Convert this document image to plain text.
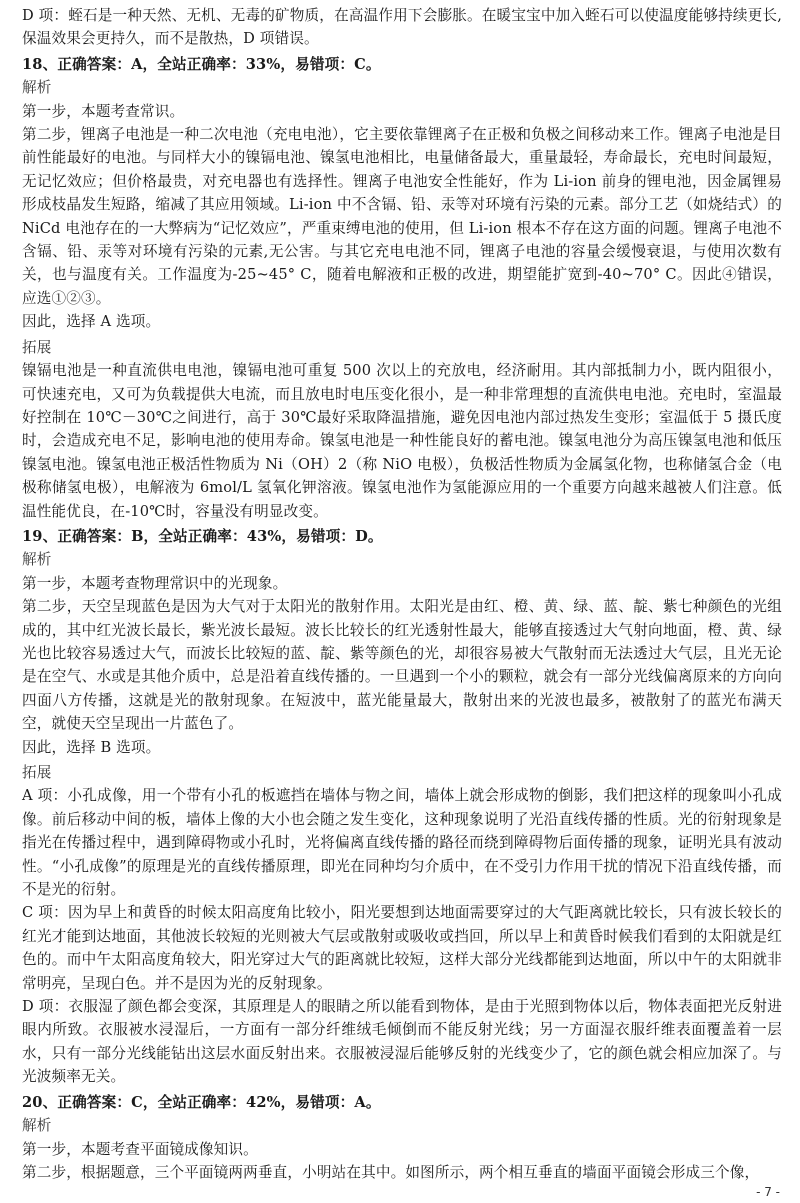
D 项：蛭石是一种天然、无机、无毒的矿物质，在高温作用下会膨胀。在暖宝宝中加入蛭石可以使温度能够持续更长,保温效果会更持久，而不是散热，D 项错误。

18、正确答案：A，全站正确率：33%，易错项：C。

解析

第一步，本题考查常识。

第二步，锂离子电池是一种二次电池（充电电池），它主要依靠锂离子在正极和负极之间移动来工作。锂离子电池是目前性能最好的电池。与同样大小的镍镉电池、镍氢电池相比，电量储备最大，重量最轻，寿命最长，充电时间最短，无记忆效应；但价格最贵，对充电器也有选择性。锂离子电池安全性能好，作为 Li-ion 前身的锂电池，因金属锂易形成枝晶发生短路，缩减了其应用领域。Li-ion 中不含镉、铅、汞等对环境有污染的元素。部分工艺（如烧结式）的 NiCd 电池存在的一大弊病为“记忆效应”，严重束缚电池的使用，但 Li-ion 根本不存在这方面的问题。锂离子电池不含镉、铅、汞等对环境有污染的元素,无公害。与其它充电电池不同，锂离子电池的容量会缓慢衰退，与使用次数有关，也与温度有关。工作温度为-25~45° C，随着电解液和正极的改进，期望能扩宽到-40~70° C。因此④错误，应选①②③。

因此，选择 A 选项。

拓展

镍镉电池是一种直流供电电池，镍镉电池可重复 500 次以上的充放电，经济耐用。其内部抵制力小，既内阻很小，可快速充电，又可为负载提供大电流，而且放电时电压变化很小，是一种非常理想的直流供电电池。充电时，室温最好控制在 10℃－30℃之间进行，高于 30℃最好采取降温措施，避免因电池内部过热发生变形；室温低于 5 摄氏度时，会造成充电不足，影响电池的使用寿命。镍氢电池是一种性能良好的蓄电池。镍氢电池分为高压镍氢电池和低压镍氢电池。镍氢电池正极活性物质为 Ni（OH）2（称 NiO 电极），负极活性物质为金属氢化物，也称储氢合金（电极称储氢电极），电解液为 6mol/L 氢氧化钾溶液。镍氢电池作为氢能源应用的一个重要方向越来越被人们注意。低温性能优良，在-10℃时，容量没有明显改变。

19、正确答案：B，全站正确率：43%，易错项：D。

解析

第一步，本题考查物理常识中的光现象。

第二步，天空呈现蓝色是因为大气对于太阳光的散射作用。太阳光是由红、橙、黄、绿、蓝、靛、紫七种颜色的光组成的，其中红光波长最长，紫光波长最短。波长比较长的红光透射性最大，能够直接透过大气射向地面，橙、黄、绿光也比较容易透过大气，而波长比较短的蓝、靛、紫等颜色的光，却很容易被大气散射而无法透过大气层，且光无论是在空气、水或是其他介质中，总是沿着直线传播的。一旦遇到一个小的颗粒，就会有一部分光线偏离原来的方向向四面八方传播，这就是光的散射现象。在短波中，蓝光能量最大，散射出来的光波也最多，被散射了的蓝光布满天空，就使天空呈现出一片蓝色了。

因此，选择 B 选项。

拓展

A 项：小孔成像，用一个带有小孔的板遮挡在墙体与物之间，墙体上就会形成物的倒影，我们把这样的现象叫小孔成像。前后移动中间的板，墙体上像的大小也会随之发生变化，这种现象说明了光沿直线传播的性质。光的衍射现象是指光在传播过程中，遇到障碍物或小孔时，光将偏离直线传播的路径而绕到障碍物后面传播的现象，证明光具有波动性。“小孔成像”的原理是光的直线传播原理，即光在同种均匀介质中，在不受引力作用干扰的情况下沿直线传播，而不是光的衍射。

C 项：因为早上和黄昏的时候太阳高度角比较小，阳光要想到达地面需要穿过的大气距离就比较长，只有波长较长的红光才能到达地面，其他波长较短的光则被大气层或散射或吸收或挡回，所以早上和黄昏时候我们看到的太阳就是红色的。而中午太阳高度角较大，阳光穿过大气的距离就比较短，这样大部分光线都能到达地面，所以中午的太阳就非常明亮，呈现白色。并不是因为光的反射现象。

D 项：衣服湿了颜色都会变深，其原理是人的眼睛之所以能看到物体，是由于光照到物体以后，物体表面把光反射进眼内所致。衣服被水浸湿后，一方面有一部分纤维绒毛倾倒而不能反射光线；另一方面湿衣服纤维表面覆盖着一层水，只有一部分光线能钻出这层水面反射出来。衣服被浸湿后能够反射的光线变少了，它的颜色就会相应加深了。与光波频率无关。

20、正确答案：C，全站正确率：42%，易错项：A。

解析

第一步，本题考查平面镜成像知识。

第二步，根据题意，三个平面镜两两垂直，小明站在其中。如图所示，两个相互垂直的墙面平面镜会形成三个像，

- 7 -
